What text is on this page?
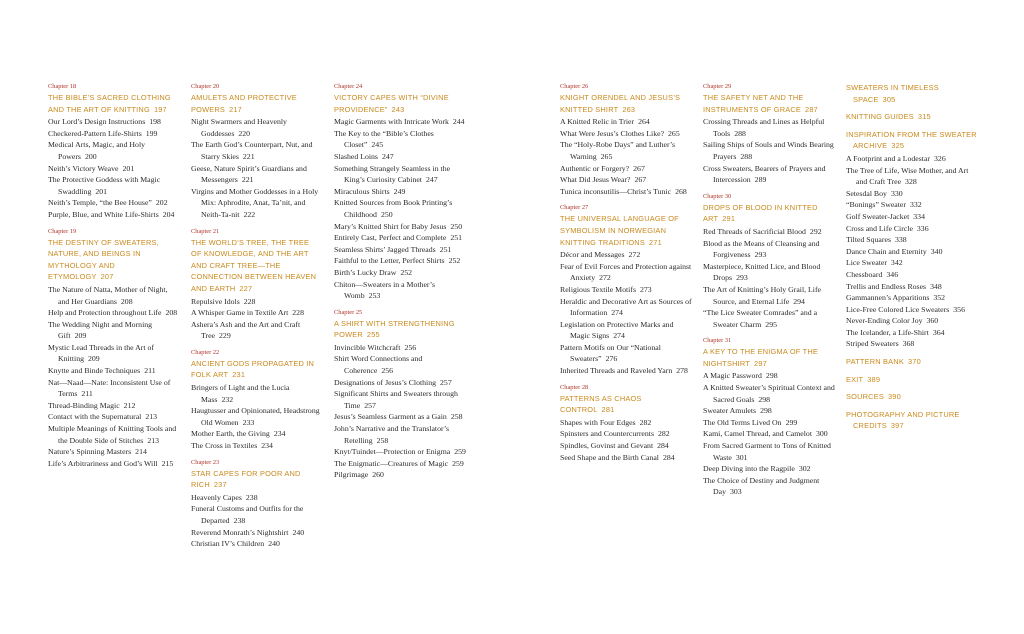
Chapter 18
THE BIBLE’S SACRED CLOTHING AND THE ART OF KNITTING 197
Our Lord’s Design Instructions 198
Checkered-Pattern Life-Shirts 199
Medical Arts, Magic, and Holy Powers 200
Neith’s Victory Weave 201
The Protective Goddess with Magic Swaddling 201
Neith’s Temple, “the Bee House” 202
Purple, Blue, and White Life-Shirts 204
Chapter 19
THE DESTINY OF SWEATERS, NATURE, AND BEINGS IN MYTHOLOGY AND ETYMOLOGY 207
The Nature of Natta, Mother of Night, and Her Guardians 208
Help and Protection throughout Life 208
The Wedding Night and Morning Gift 209
Mystic Lead Threads in the Art of Knitting 209
Knytte and Binde Techniques 211
Nat—Naad—Nate: Inconsistent Use of Terms 211
Thread-Binding Magic 212
Contact with the Supernatural 213
Multiple Meanings of Knitting Tools and the Double Side of Stitches 213
Nature’s Spinning Masters 214
Life’s Arbitrariness and God’s Will 215
Chapter 20
AMULETS AND PROTECTIVE POWERS 217
Night Swarmers and Heavenly Goddesses 220
The Earth God’s Counterpart, Nut, and Starry Skies 221
Geese, Nature Spirit’s Guardians and Messengers 221
Virgins and Mother Goddesses in a Holy Mix: Aphrodite, Anat, Ta’nit, and Neith-Ta-nit 222
Chapter 21
THE WORLD’S TREE, THE TREE OF KNOWLEDGE, AND THE ART AND CRAFT TREE—THE CONNECTION BETWEEN HEAVEN AND EARTH 227
Repulsive Idols 228
A Whisper Game in Textile Art 228
Ashera’s Ash and the Art and Craft Tree 229
Chapter 22
ANCIENT GODS PROPAGATED IN FOLK ART 231
Bringers of Light and the Lucia Mass 232
Haugtusser and Opinionated, Headstrong Old Women 233
Mother Earth, the Giving 234
The Cross in Textiles 234
Chapter 23
STAR CAPES FOR POOR AND RICH 237
Heavenly Capes 238
Funeral Customs and Outfits for the Departed 238
Reverend Monrath’s Nightshirt 240
Christian IV’s Children 240
Chapter 24
VICTORY CAPES WITH “DIVINE PROVIDENCE” 243
Magic Garments with Intricate Work 244
The Key to the “Bible’s Clothes Closet” 245
Slashed Loins 247
Something Strangely Seamless in the King’s Curiosity Cabinet 247
Miraculous Shirts 249
Knitted Sources from Book Printing’s Childhood 250
Mary’s Knitted Shirt for Baby Jesus 250
Entirely Cast, Perfect and Complete 251
Seamless Shirts’ Jagged Threads 251
Faithful to the Letter, Perfect Shirts 252
Birth’s Lucky Draw 252
Chiton—Sweaters in a Mother’s Womb 253
Chapter 25
A SHIRT WITH STRENGTHENING POWER 255
Invincible Witchcraft 256
Shirt Word Connections and Coherence 256
Designations of Jesus’s Clothing 257
Significant Shirts and Sweaters through Time 257
Jesus’s Seamless Garment as a Gain 258
John’s Narrative and the Translator’s Retelling 258
Knyt/Tuindet—Protection or Enigma 259
The Enigmatic—Creatures of Magic 259
Pilgrimage 260
Chapter 26
KNIGHT ORENDEL AND JESUS’S KNITTED SHIRT 263
A Knitted Relic in Trier 264
What Were Jesus’s Clothes Like? 265
The “Holy-Robe Days” and Luther’s Warning 265
Authentic or Forgery? 267
What Did Jesus Wear? 267
Tunica inconsutilis—Christ’s Tunic 268
Chapter 27
THE UNIVERSAL LANGUAGE OF SYMBOLISM IN NORWEGIAN KNITTING TRADITIONS 271
Décor and Messages 272
Fear of Evil Forces and Protection against Anxiety 272
Religious Textile Motifs 273
Heraldic and Decorative Art as Sources of Information 274
Legislation on Protective Marks and Magic Signs 274
Pattern Motifs on Our “National Sweaters” 276
Inherited Threads and Raveled Yarn 278
Chapter 28
PATTERNS AS CHAOS CONTROL 281
Shapes with Four Edges 282
Spinsters and Countercurrents 282
Spindles, Govinst and Gevant 284
Seed Shape and the Birth Canal 284
Chapter 29
THE SAFETY NET AND THE INSTRUMENTS OF GRACE 287
Crossing Threads and Lines as Helpful Tools 288
Sailing Ships of Souls and Winds Bearing Prayers 288
Cross Sweaters, Bearers of Prayers and Intercession 289
Chapter 30
DROPS OF BLOOD IN KNITTED ART 291
Red Threads of Sacrificial Blood 292
Blood as the Means of Cleansing and Forgiveness 293
Masterpiece, Knitted Lice, and Blood Drops 293
The Art of Knitting’s Holy Grail, Life Source, and Eternal Life 294
“The Lice Sweater Comrades” and a Sweater Charm 295
Chapter 31
A KEY TO THE ENIGMA OF THE NIGHTSHIRT 297
A Magic Password 298
A Knitted Sweater’s Spiritual Context and Sacred Goals 298
Sweater Amulets 298
The Old Terms Lived On 299
Kami, Camel Thread, and Camelot 300
From Sacred Garment to Tons of Knitted Waste 301
Deep Diving into the Ragpile 302
The Choice of Destiny and Judgment Day 303
SWEATERS IN TIMELESS SPACE 305
KNITTING GUIDES 315
INSPIRATION FROM THE SWEATER ARCHIVE 325
A Footprint and a Lodestar 326
The Tree of Life, Wise Mother, and Art and Craft Tree 328
Setesdal Boy 330
“Bonings” Sweater 332
Golf Sweater-Jacket 334
Cross and Life Circle 336
Tilted Squares 338
Dance Chain and Eternity 340
Lice Sweater 342
Chessboard 346
Trellis and Endless Roses 348
Gammannen’s Apparitions 352
Lice-Free Colored Lice Sweaters 356
Never-Ending Color Joy 360
The Icelander, a Life-Shirt 364
Striped Sweaters 368
PATTERN BANK 370
EXIT 389
SOURCES 390
PHOTOGRAPHY AND PICTURE CREDITS 397
